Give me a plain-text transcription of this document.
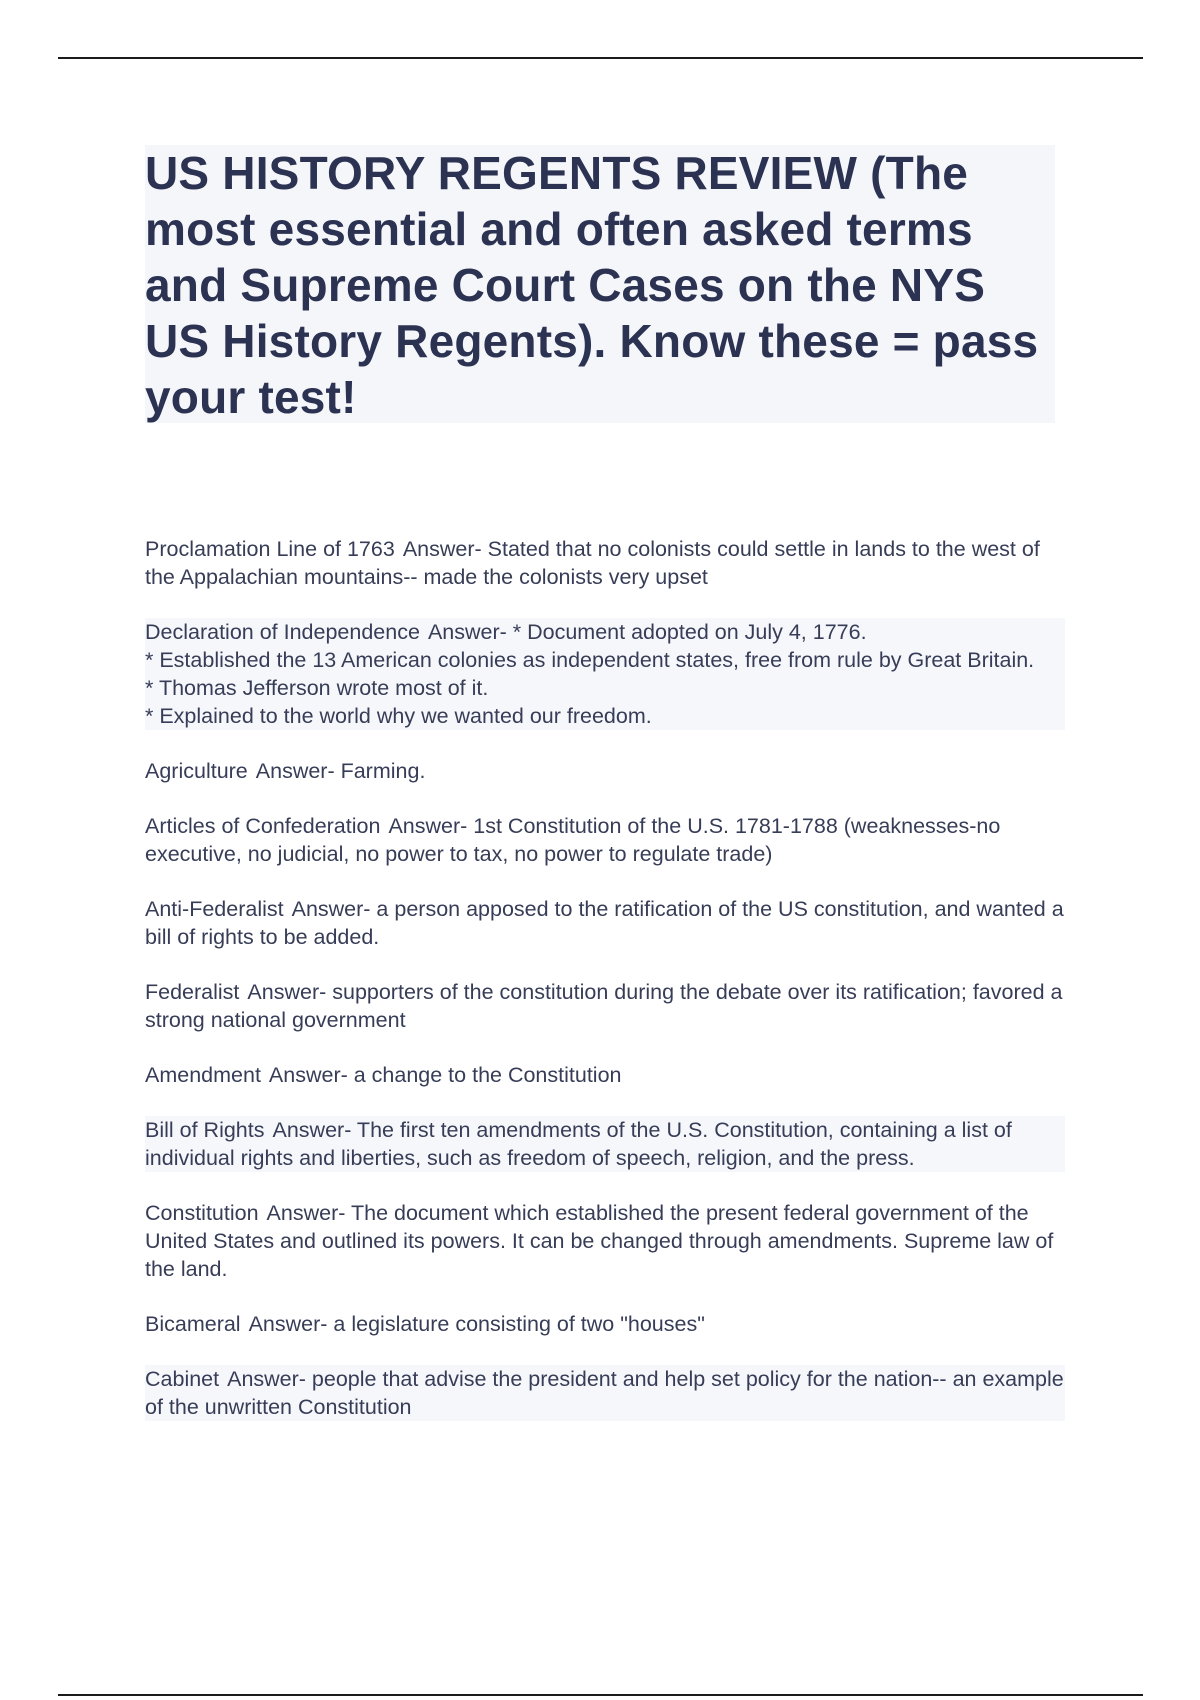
US HISTORY REGENTS REVIEW (The most essential and often asked terms and Supreme Court Cases on the NYS US History Regents). Know these = pass your test!

Proclamation Line of 1763 Answer- Stated that no colonists could settle in lands to the west of the Appalachian mountains-- made the colonists very upset

Declaration of Independence Answer- * Document adopted on July 4, 1776.
* Established the 13 American colonies as independent states, free from rule by Great Britain.
* Thomas Jefferson wrote most of it.
* Explained to the world why we wanted our freedom.

Agriculture Answer- Farming.

Articles of Confederation Answer- 1st Constitution of the U.S. 1781-1788 (weaknesses-no executive, no judicial, no power to tax, no power to regulate trade)

Anti-Federalist Answer- a person apposed to the ratification of the US constitution, and wanted a bill of rights to be added.

Federalist Answer- supporters of the constitution during the debate over its ratification; favored a strong national government

Amendment Answer- a change to the Constitution

Bill of Rights Answer- The first ten amendments of the U.S. Constitution, containing a list of individual rights and liberties, such as freedom of speech, religion, and the press.

Constitution Answer- The document which established the present federal government of the United States and outlined its powers. It can be changed through amendments. Supreme law of the land.

Bicameral Answer- a legislature consisting of two "houses"

Cabinet Answer- people that advise the president and help set policy for the nation-- an example of the unwritten Constitution
